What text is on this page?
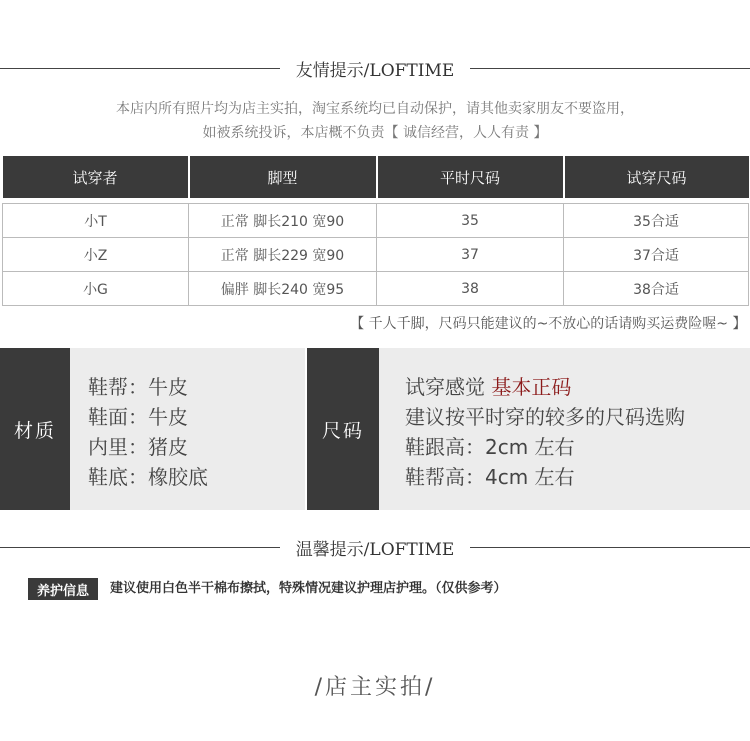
友情提示/LOFTIME
本店内所有照片均为店主实拍，淘宝系统均已自动保护，请其他卖家朋友不要盗用，
如被系统投诉，本店概不负责【 诚信经营，人人有责 】
试穿者	脚型	平时尺码	试穿尺码

小T	正常 脚长210 宽90	35	35合适
小Z	正常 脚长229 宽90	37	37合适
小G	偏胖 脚长240 宽95	38	38合适
【 千人千脚，尺码只能建议的~不放心的话请购买运费险喔~ 】			
材质
鞋帮：牛皮
鞋面：牛皮
内里：猪皮
鞋底：橡胶底
尺码
试穿感觉 基本正码
建议按平时穿的较多的尺码选购
鞋跟高：2cm 左右
鞋帮高：4cm 左右
温馨提示/LOFTIME
养护信息	建议使用白色半干棉布擦拭，特殊情况建议护理店护理。（仅供参考）
/店主实拍/
